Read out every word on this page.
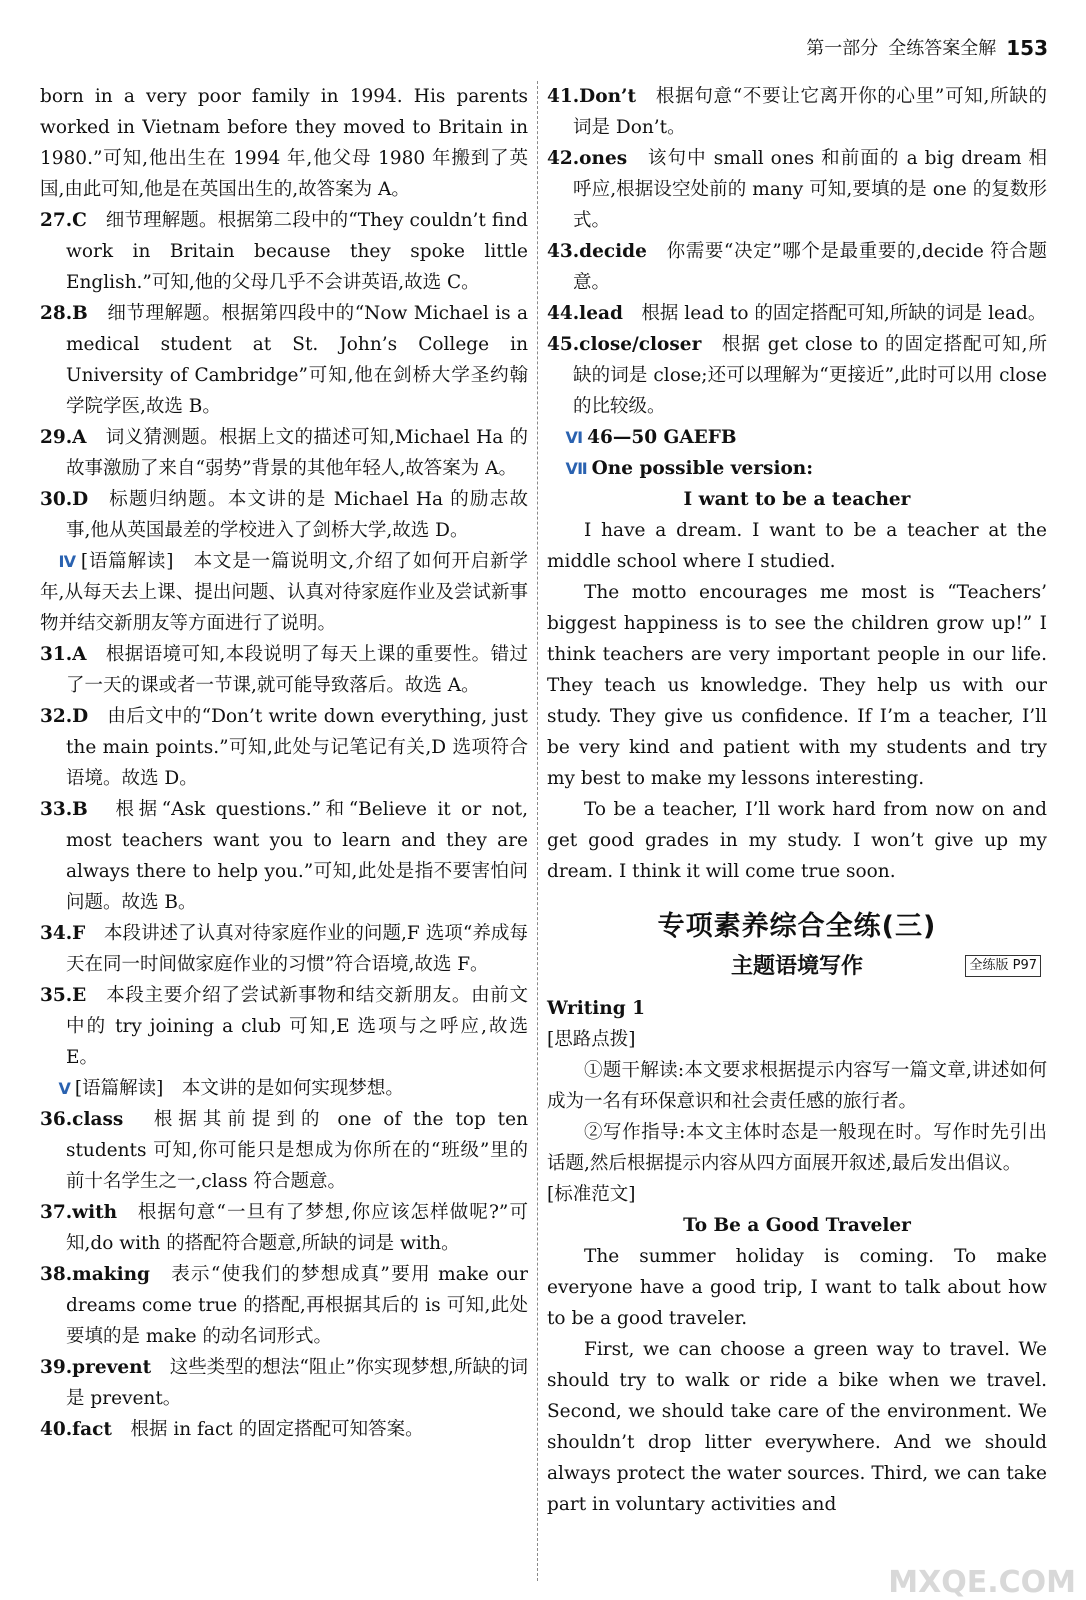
第一部分 全练答案全解 153

born in a very poor family in 1994. His parents worked in Vietnam before they moved to Britain in 1980.”可知,他出生在 1994 年,他父母 1980 年搬到了英国,由此可知,他是在英国出生的,故答案为 A。

27.C　 细节理解题。根据第二段中的“They couldn’t find work in Britain because they spoke little English.”可知,他的父母几乎不会讲英语,故选 C。

28.B　 细节理解题。根据第四段中的“Now Michael is a medical student at St. John’s College in University of Cambridge”可知,他在剑桥大学圣约翰学院学医,故选 B。

29.A　 词义猜测题。根据上文的描述可知,Michael Ha 的故事激励了来自“弱势”背景的其他年轻人,故答案为 A。

30.D　 标题归纳题。本文讲的是 Michael Ha 的励志故事,他从英国最差的学校进入了剑桥大学,故选 D。

Ⅳ [语篇解读]　本文是一篇说明文,介绍了如何开启新学年,从每天去上课、提出问题、认真对待家庭作业及尝试新事物并结交新朋友等方面进行了说明。

31.A　 根据语境可知,本段说明了每天上课的重要性。错过了一天的课或者一节课,就可能导致落后。故选 A。

32.D　 由后文中的“Don’t write down everything, just the main points.”可知,此处与记笔记有关,D 选项符合语境。故选 D。

33.B　 根据“Ask questions.”和“Believe it or not, most teachers want you to learn and they are always there to help you.”可知,此处是指不要害怕问问题。故选 B。

34.F　 本段讲述了认真对待家庭作业的问题,F 选项“养成每天在同一时间做家庭作业的习惯”符合语境,故选 F。

35.E　 本段主要介绍了尝试新事物和结交新朋友。由前文中的 try joining a club 可知,E 选项与之呼应,故选 E。

Ⅴ [语篇解读]　本文讲的是如何实现梦想。

36.class　 根据其前提到的 one of the top ten students 可知,你可能只是想成为你所在的“班级”里的前十名学生之一,class 符合题意。

37.with　 根据句意“一旦有了梦想,你应该怎样做呢?”可知,do with 的搭配符合题意,所缺的词是 with。

38.making　 表示“使我们的梦想成真”要用 make our dreams come true 的搭配,再根据其后的 is 可知,此处要填的是 make 的动名词形式。

39.prevent　 这些类型的想法“阻止”你实现梦想,所缺的词是 prevent。

40.fact　 根据 in fact 的固定搭配可知答案。

41.Don’t　 根据句意“不要让它离开你的心里”可知,所缺的词是 Don’t。

42.ones　 该句中 small ones 和前面的 a big dream 相呼应,根据设空处前的 many 可知,要填的是 one 的复数形式。

43.decide　 你需要“决定”哪个是最重要的,decide 符合题意。

44.lead　 根据 lead to 的固定搭配可知,所缺的词是 lead。

45.close/closer　 根据 get close to 的固定搭配可知,所缺的词是 close;还可以理解为“更接近”,此时可以用 close 的比较级。

Ⅵ 46—50 GAEFB

Ⅶ One possible version:

I want to be a teacher

I have a dream. I want to be a teacher at the middle school where I studied.

The motto encourages me most is “Teachers’ biggest happiness is to see the children grow up!” I think teachers are very important people in our life. They teach us knowledge. They help us with our study. They give us confidence. If I’m a teacher, I’ll be very kind and patient with my students and try my best to make my lessons interesting.

To be a teacher, I’ll work hard from now on and get good grades in my study. I won’t give up my dream. I think it will come true soon.

专项素养综合全练(三)
主题语境写作	全练版 P97

Writing 1

[思路点拨]

①题干解读:本文要求根据提示内容写一篇文章,讲述如何成为一名有环保意识和社会责任感的旅行者。

②写作指导:本文主体时态是一般现在时。写作时先引出话题,然后根据提示内容从四方面展开叙述,最后发出倡议。

[标准范文]

To Be a Good Traveler

The summer holiday is coming. To make everyone have a good trip, I want to talk about how to be a good traveler.

First, we can choose a green way to travel. We should try to walk or ride a bike when we travel. Second, we should take care of the environment. We shouldn’t drop litter everywhere. And we should always protect the water sources. Third, we can take part in voluntary activities and

MXQE.COM
